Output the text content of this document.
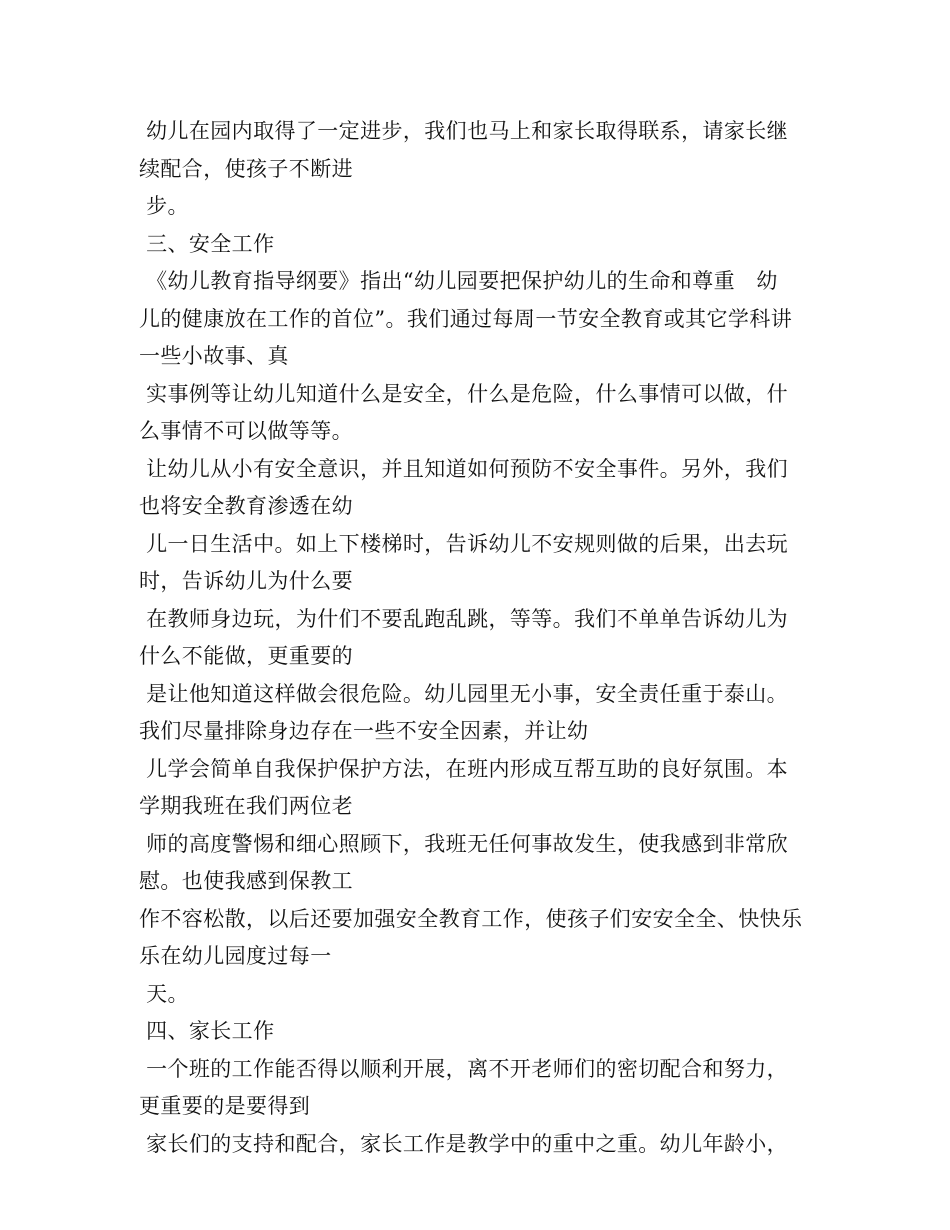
幼儿在园内取得了一定进步，我们也马上和家长取得联系，请家长继
续配合，使孩子不断进
步。
三、安全工作
《幼儿教育指导纲要》指出“幼儿园要把保护幼儿的生命和尊重　幼
儿的健康放在工作的首位”。我们通过每周一节安全教育或其它学科讲
一些小故事、真
实事例等让幼儿知道什么是安全，什么是危险，什么事情可以做，什
么事情不可以做等等。
让幼儿从小有安全意识，并且知道如何预防不安全事件。另外，我们
也将安全教育渗透在幼
儿一日生活中。如上下楼梯时，告诉幼儿不安规则做的后果，出去玩
时，告诉幼儿为什么要
在教师身边玩，为什们不要乱跑乱跳，等等。我们不单单告诉幼儿为
什么不能做，更重要的
是让他知道这样做会很危险。幼儿园里无小事，安全责任重于泰山。
我们尽量排除身边存在一些不安全因素，并让幼
儿学会简单自我保护保护方法，在班内形成互帮互助的良好氛围。本
学期我班在我们两位老
师的高度警惕和细心照顾下，我班无任何事故发生，使我感到非常欣
慰。也使我感到保教工
作不容松散，以后还要加强安全教育工作，使孩子们安安全全、快快乐
乐在幼儿园度过每一
天。
四、家长工作
一个班的工作能否得以顺利开展，离不开老师们的密切配合和努力，
更重要的是要得到
家长们的支持和配合，家长工作是教学中的重中之重。幼儿年龄小，
